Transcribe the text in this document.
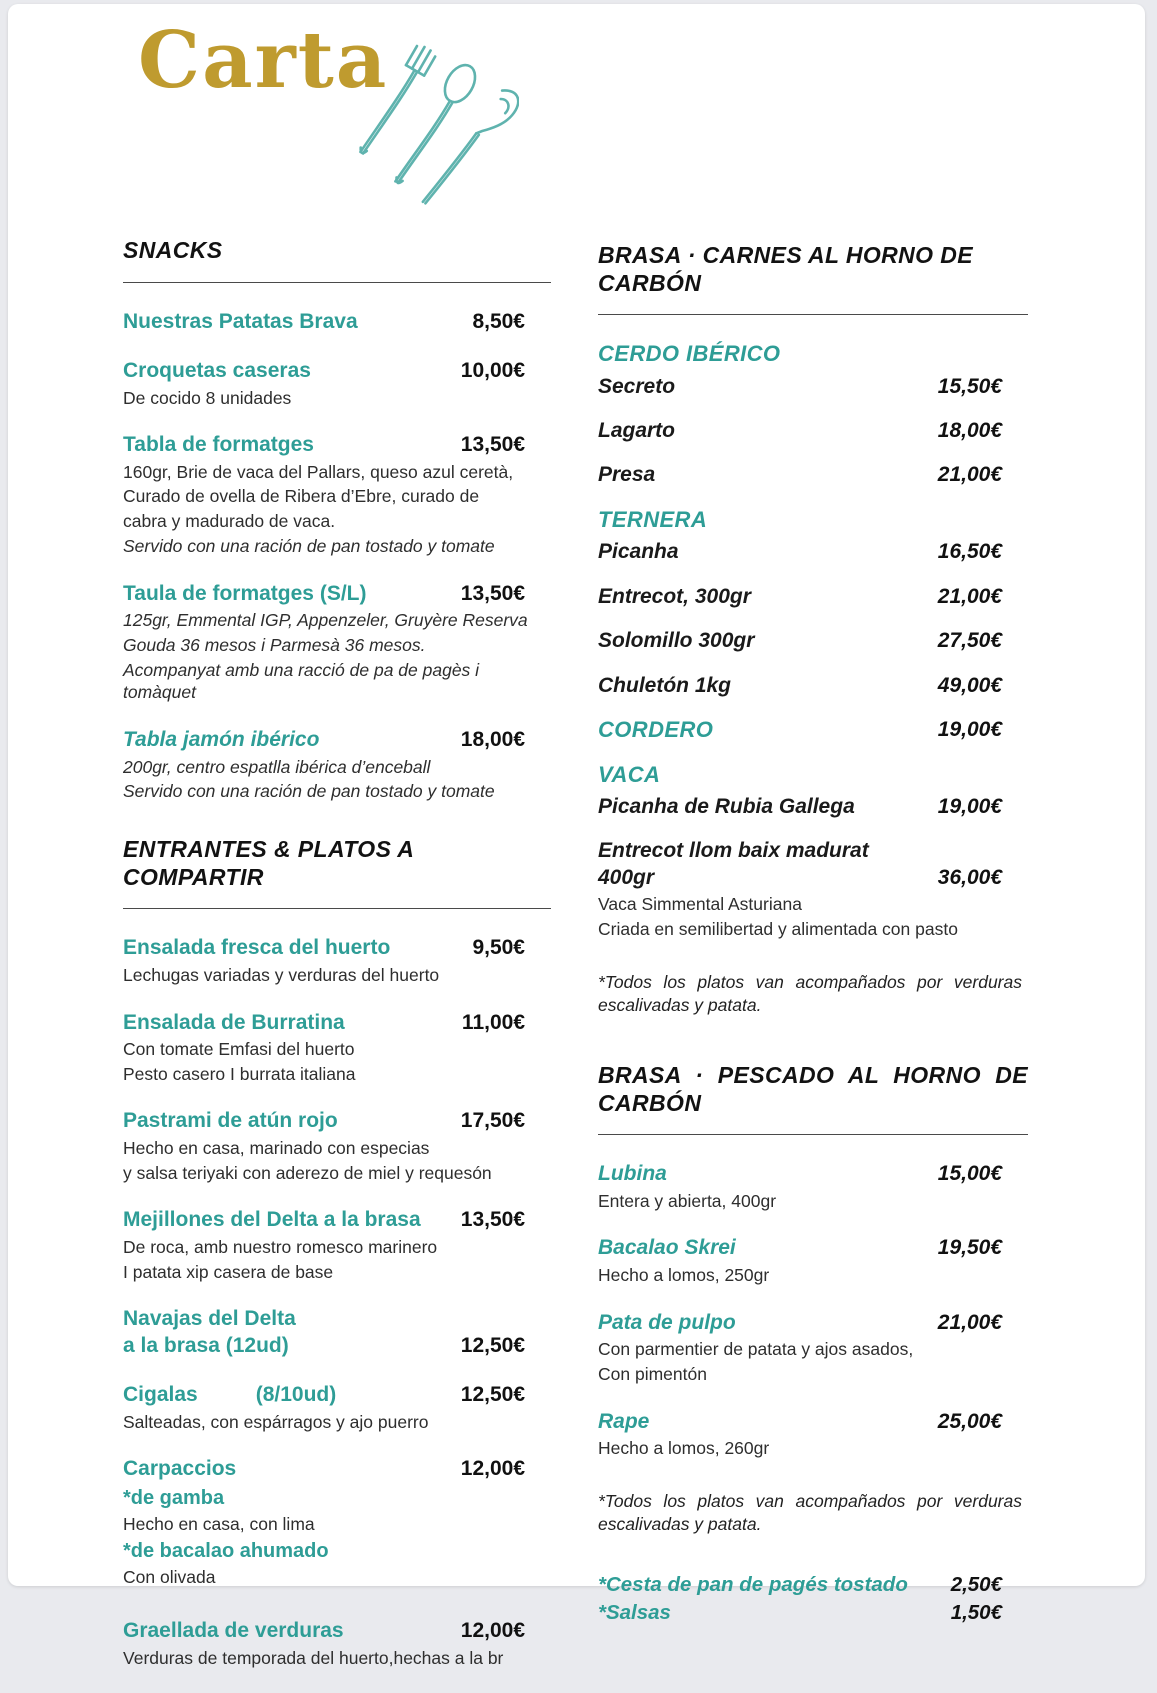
Carta
SNACKS
Nuestras Patatas Brava	8,50€
Croquetas caseras	10,00€
De cocido 8 unidades
Tabla de formatges	13,50€
160gr, Brie de vaca del Pallars, queso azul ceretà,
Curado de ovella de Ribera d’Ebre, curado de
cabra y madurado de vaca.
Servido con una ración de pan tostado y tomate
Taula de formatges (S/L)	13,50€
125gr, Emmental IGP, Appenzeler, Gruyère Reserva
Gouda 36 mesos i Parmesà 36 mesos.
Acompanyat amb una racció de pa de pagès i tomàquet
Tabla jamón ibérico	18,00€
200gr, centro espatlla ibérica d’enceball
Servido con una ración de pan tostado y tomate
ENTRANTES & PLATOS A COMPARTIR
Ensalada fresca del huerto	9,50€
Lechugas variadas y verduras del huerto
Ensalada de Burratina	11,00€
Con tomate Emfasi del huerto
Pesto casero I burrata italiana
Pastrami de atún rojo	17,50€
Hecho en casa, marinado con especias
y salsa teriyaki con aderezo de miel y requesón
Mejillones del Delta a la brasa 13,50€
De roca, amb nuestro romesco marinero
I patata xip casera de base
Navajas del Delta
a la brasa (12ud)	12,50€
Cigalas	(8/10ud)	12,50€
Salteadas, con espárragos y ajo puerro
Carpaccios	12,00€
*de gamba
Hecho en casa, con lima
*de bacalao ahumado
Con olivada
Graellada de verduras	12,00€
Verduras de temporada del huerto,hechas a la br
BRASA · CARNES AL HORNO DE CARBÓN
CERDO IBÉRICO
Secreto	15,50€
Lagarto	18,00€
Presa	21,00€
TERNERA
Picanha	16,50€
Entrecot, 300gr	21,00€
Solomillo 300gr	27,50€
Chuletón 1kg	49,00€
CORDERO	19,00€
VACA
Picanha de Rubia Gallega	19,00€
Entrecot llom baix madurat
400gr	36,00€
Vaca Simmental Asturiana
Criada en semilibertad y alimentada con pasto
*Todos los platos van acompañados por verduras escalivadas y patata.
BRASA · PESCADO AL HORNO DE
CARBÓN
Lubina	15,00€
Entera y abierta, 400gr
Bacalao Skrei	19,50€
Hecho a lomos, 250gr
Pata de pulpo	21,00€
Con parmentier de patata y ajos asados,
Con pimentón
Rape	25,00€
Hecho a lomos, 260gr
*Todos los platos van acompañados por verduras escalivadas y patata.
*Cesta de pan de pagés tostado 2,50€
*Salsas	1,50€
